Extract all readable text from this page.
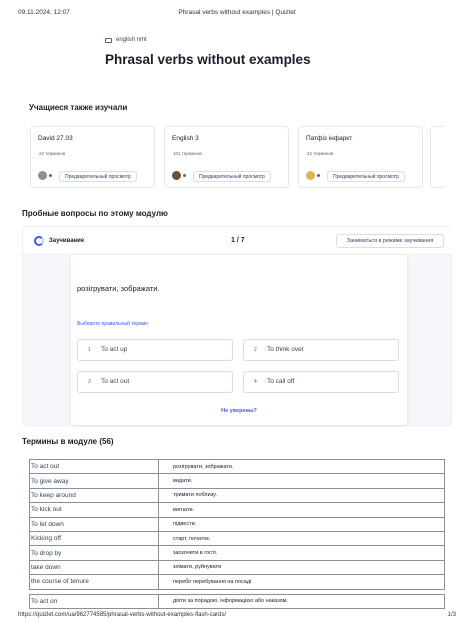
09.11.2024, 12:07	Phrasal verbs without examples | Quizlet
english nmt
Phrasal verbs without examples
Учащиеся также изучали
David 27.03
22 терминов
Предварительный просмотр
English 3
101 терминов
Предварительный просмотр
Патфіз інфаркт
42 терминов
Предварительный просмотр
Пробные вопросы по этому модулю
Заучивание	1 / 7	Заниматься в режиме заучивания
розігрувати, зображати.
Выберите правильный термин
1 To act up	2 To think over
3 To act out	4 To call off
Не уверены?
Термины в модуле (56)
To act out	розігрувати, зображати.
To give away	видати.
To keep around	тримати поблизу.
To kick out	вигнати.
To let down	підвести.
Kicking off	старт, початок.
To drop by	заскочити в гості.
take down	знімати, руйнувати
the course of tenure	перебіг перебування на посаді

To act on	діяти за порадою, інформацією або наказом.
https://quizlet.com/ua/962774585/phrasal-verbs-without-examples-flash-cards/	1/3
